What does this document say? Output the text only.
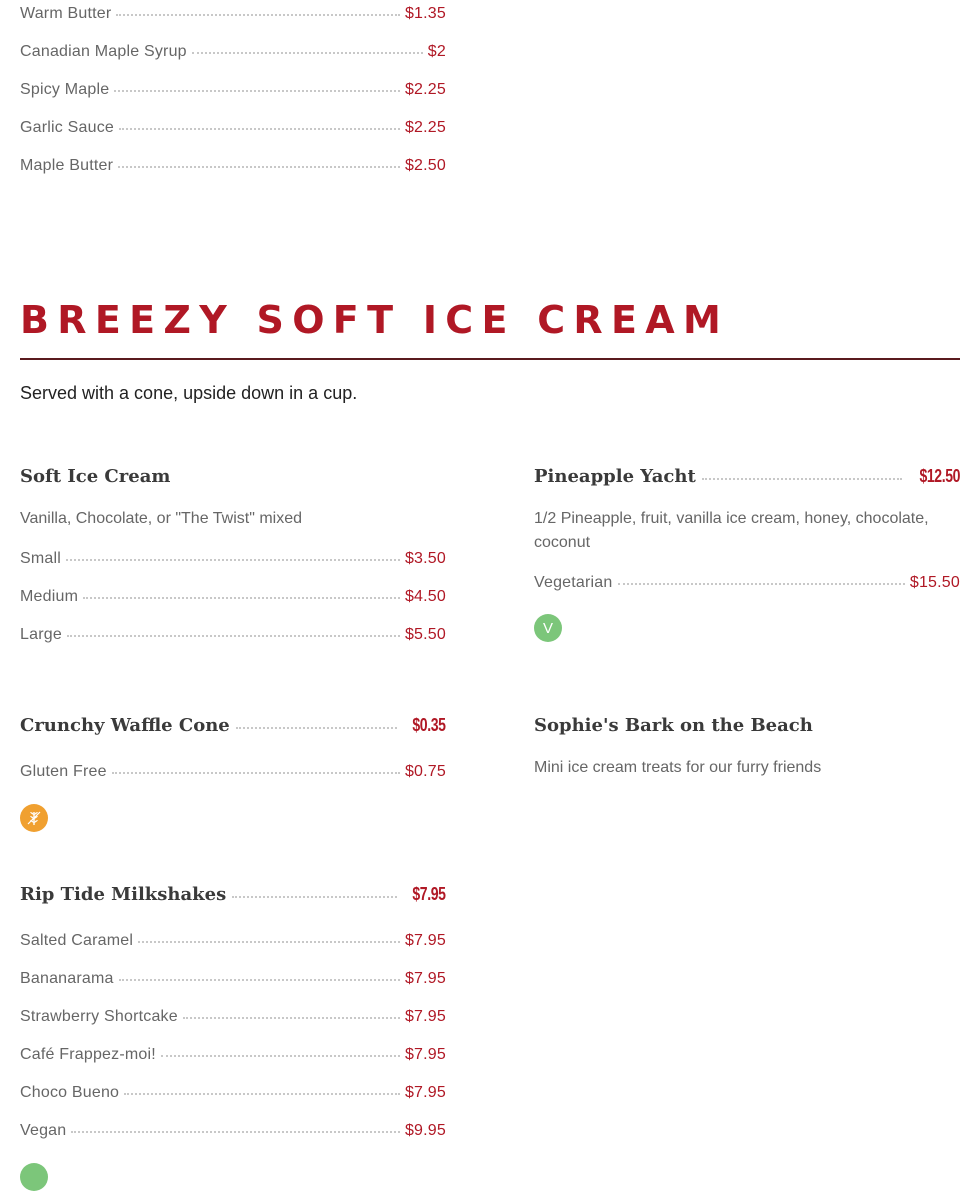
Warm Butter	$1.35
Canadian Maple Syrup	$2
Spicy Maple	$2.25
Garlic Sauce	$2.25
Maple Butter	$2.50
BREEZY SOFT ICE CREAM
Served with a cone, upside down in a cup.
Soft Ice Cream
Vanilla, Chocolate, or "The Twist" mixed
Small	$3.50
Medium	$4.50
Large	$5.50
Pineapple Yacht	$12.50
1/2 Pineapple, fruit, vanilla ice cream, honey, chocolate, coconut
Vegetarian	$15.50
V
Crunchy Waffle Cone	$0.35
Gluten Free	$0.75
Sophie's Bark on the Beach
Mini ice cream treats for our furry friends
Rip Tide Milkshakes	$7.95
Salted Caramel	$7.95
Bananarama	$7.95
Strawberry Shortcake	$7.95
Café Frappez-moi!	$7.95
Choco Bueno	$7.95
Vegan	$9.95
